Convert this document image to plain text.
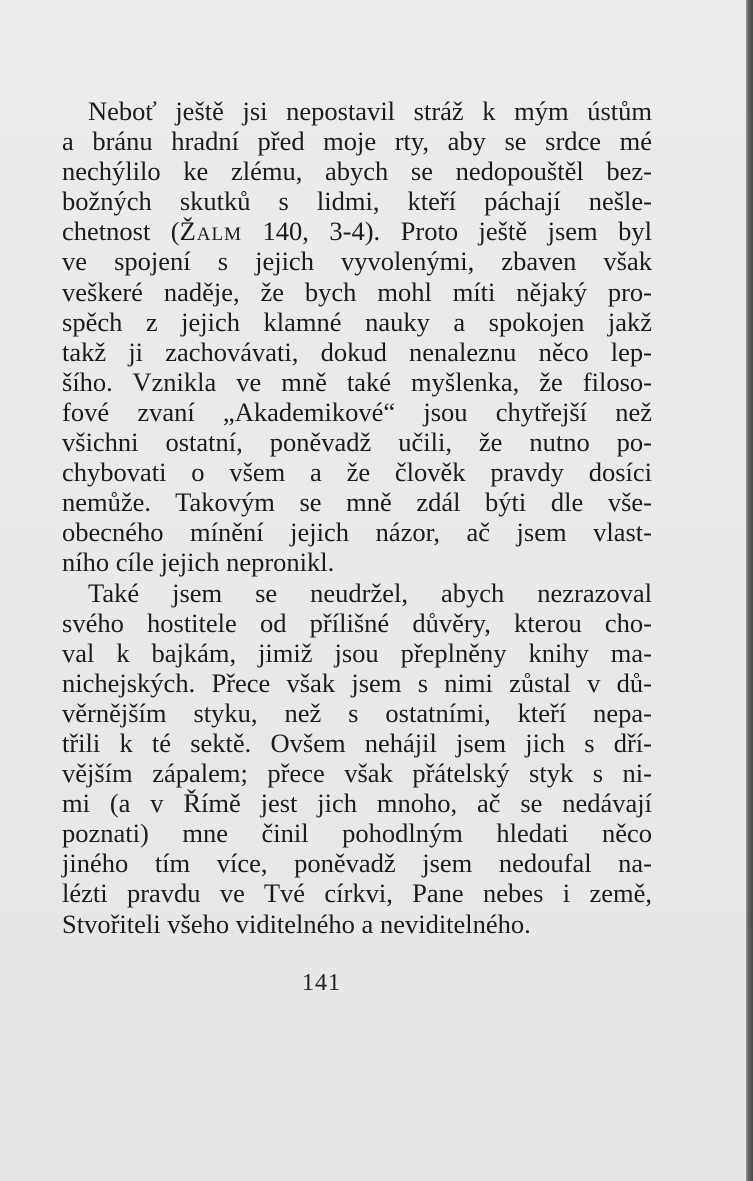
Neboť ještě jsi nepostavil stráž k mým ústům
a bránu hradní před moje rty, aby se srdce mé
nechýlilo ke zlému, abych se nedopouštěl bez-
božných skutků s lidmi, kteří páchají nešle-
chetnost (Žalm 140, 3-4). Proto ještě jsem byl
ve spojení s jejich vyvolenými, zbaven však
veškeré naděje, že bych mohl míti nějaký pro-
spěch z jejich klamné nauky a spokojen jakž
takž ji zachovávati, dokud nenaleznu něco lep-
šího. Vznikla ve mně také myšlenka, že filoso-
fové zvaní „Akademikové“ jsou chytřejší než
všichni ostatní, poněvadž učili, že nutno po-
chybovati o všem a že člověk pravdy dosíci
nemůže. Takovým se mně zdál býti dle vše-
obecného mínění jejich názor, ač jsem vlast-
ního cíle jejich nepronikl.
Také jsem se neudržel, abych nezrazoval
svého hostitele od přílišné důvěry, kterou cho-
val k bajkám, jimiž jsou přeplněny knihy ma-
nichejských. Přece však jsem s nimi zůstal v dů-
věrnějším styku, než s ostatními, kteří nepa-
třili k té sektě. Ovšem nehájil jsem jich s dří-
vějším zápalem; přece však přátelský styk s ni-
mi (a v Římě jest jich mnoho, ač se nedávají
poznati) mne činil pohodlným hledati něco
jiného tím více, poněvadž jsem nedoufal na-
lézti pravdu ve Tvé církvi, Pane nebes i země,
Stvořiteli všeho viditelného a neviditelného.
141
